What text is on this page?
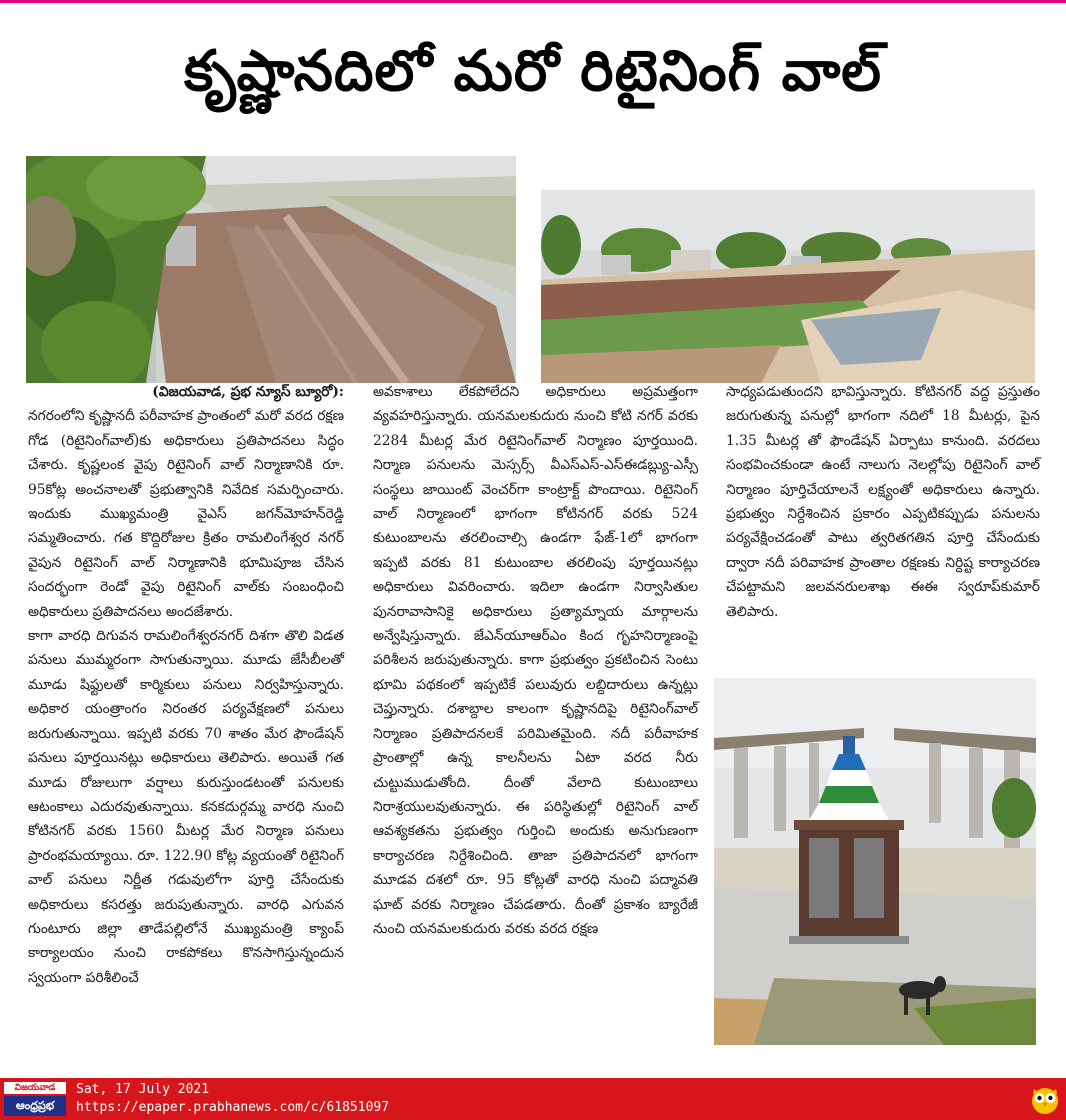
కృష్ణానదిలో మరో రిటైనింగ్ వాల్

(విజయవాడ, ప్రభ న్యూస్ బ్యూరో):

నగరంలోని కృష్ణానదీ పరీవాహక ప్రాంతంలో మరో వరద రక్షణ గోడ (రిటైనింగ్‌వాల్)కు అధికారులు ప్రతిపాదనలు సిద్ధం చేశారు. కృష్ణలంక వైపు రిటైనింగ్ వాల్ నిర్మాణానికి రూ. 95కోట్ల అంచనాలతో ప్రభుత్వానికి నివేదిక సమర్పించారు. ఇందుకు ముఖ్యమంత్రి వైఎస్ జగన్‌మోహన్‌రెడ్డి సమ్మతించారు. గత కొద్దిరోజుల క్రితం రామలింగేశ్వర నగర్ వైపున రిటైనింగ్ వాల్ నిర్మాణానికి భూమిపూజ చేసిన సందర్భంగా రెండో వైపు రిటైనింగ్ వాల్‌కు సంబంధించి అధికారులు ప్రతిపాదనలు అందజేశారు.

కాగా వారధి దిగువన రామలింగేశ్వరనగర్ దిశగా తొలి విడత పనులు ముమ్మరంగా సాగుతున్నాయి. మూడు జేసీబీలతో మూడు షిఫ్టులతో కార్మికులు పనులు నిర్వహిస్తున్నారు. అధికార యంత్రాంగం నిరంతర పర్యవేక్షణలో పనులు జరుగుతున్నాయి. ఇప్పటి వరకు 70 శాతం మేర ఫౌండేషన్ పనులు పూర్తయినట్లు అధికారులు తెలిపారు. అయితే గత మూడు రోజులుగా వర్షాలు కురుస్తుండటంతో పనులకు ఆటంకాలు ఎదురవుతున్నాయి. కనకదుర్గమ్మ వారధి నుంచి కోటినగర్ వరకు 1560 మీటర్ల మేర నిర్మాణ పనులు ప్రారంభమయ్యాయి. రూ. 122.90 కోట్ల వ్యయంతో రిటైనింగ్ వాల్ పనులు నిర్ణీత గడువులోగా పూర్తి చేసేందుకు అధికారులు కసరత్తు జరుపుతున్నారు. వారధి ఎగువన గుంటూరు జిల్లా తాడేపల్లిలోనే ముఖ్యమంత్రి క్యాంప్ కార్యాలయం నుంచి రాకపోకలు కొనసాగిస్తున్నందున స్వయంగా పరిశీలించే

అవకాశాలు లేకపోలేదని అధికారులు అప్రమత్తంగా వ్యవహరిస్తున్నారు. యనమలకుదురు నుంచి కోటి నగర్ వరకు 2284 మీటర్ల మేర రిటైనింగ్‌వాల్ నిర్మాణం పూర్తయింది. నిర్మాణ పనులను మెస్సర్స్ వీఎస్ఎస్-ఎస్ఈడబ్ల్యు-ఎస్సీ సంస్థలు జాయింట్ వెంచర్‌గా కాంట్రాక్ట్ పొందాయి. రిటైనింగ్ వాల్ నిర్మాణంలో భాగంగా కోటినగర్ వరకు 524 కుటుంబాలను తరలించాల్సి ఉండగా ఫేజ్-1లో భాగంగా ఇప్పటి వరకు 81 కుటుంబాల తరలింపు పూర్తయినట్లు అధికారులు వివరించారు. ఇదిలా ఉండగా నిర్వాసితుల పునరావాసానికై అధికారులు ప్రత్యామ్నాయ మార్గాలను అన్వేషిస్తున్నారు. జేఎన్‌యూఆర్ఎం కింద గృహనిర్మాణంపై పరిశీలన జరుపుతున్నారు. కాగా ప్రభుత్వం ప్రకటించిన సెంటు భూమి పథకంలో ఇప్పటికే పలువురు లబ్దిదారులు ఉన్నట్లు చెప్తున్నారు. దశాబ్దాల కాలంగా కృష్ణానదిపై రిటైనింగ్‌వాల్ నిర్మాణం ప్రతిపాదనలకే పరిమితమైంది. నదీ పరీవాహక ప్రాంతాల్లో ఉన్న కాలనీలను ఏటా వరద నీరు చుట్టుముడుతోంది. దీంతో వేలాది కుటుంబాలు నిరాశ్రయులవుతున్నారు. ఈ పరిస్థితుల్లో రిటైనింగ్ వాల్ ఆవశ్యకతను ప్రభుత్వం గుర్తించి అందుకు అనుగుణంగా కార్యాచరణ నిర్దేశించింది. తాజా ప్రతిపాదనలో భాగంగా మూడవ దశలో రూ. 95 కోట్లతో వారధి నుంచి పద్మావతి ఘాట్ వరకు నిర్మాణం చేపడతారు. దీంతో ప్రకాశం బ్యారేజీ నుంచి యనమలకుదురు వరకు వరద రక్షణ

సాధ్యపడుతుందని భావిస్తున్నారు. కోటినగర్ వద్ద ప్రస్తుతం జరుగుతున్న పనుల్లో భాగంగా నదిలో 18 మీటర్లు, పైన 1.35 మీటర్ల తో ఫౌండేషన్ ఏర్పాటు కానుంది. వరదలు సంభవించకుండా ఉంటే నాలుగు నెలల్లోపు రిటైనింగ్ వాల్ నిర్మాణం పూర్తిచేయాలనే లక్ష్యంతో అధికారులు ఉన్నారు. ప్రభుత్వం నిర్దేశించిన ప్రకారం ఎప్పటికప్పుడు పనులను పర్యవేక్షించడంతో పాటు త్వరితగతిన పూర్తి చేసేందుకు ద్వారా నదీ పరివాహక ప్రాంతాల రక్షణకు నిర్దిష్ట కార్యాచరణ చేపట్టామని జలవనరులశాఖ ఈఈ స్వరూప్‌కుమార్ తెలిపారు.

విజయవాడ
ఆంధ్రప్రభ
Sat, 17 July 2021
https://epaper.prabhanews.com/c/61851097
